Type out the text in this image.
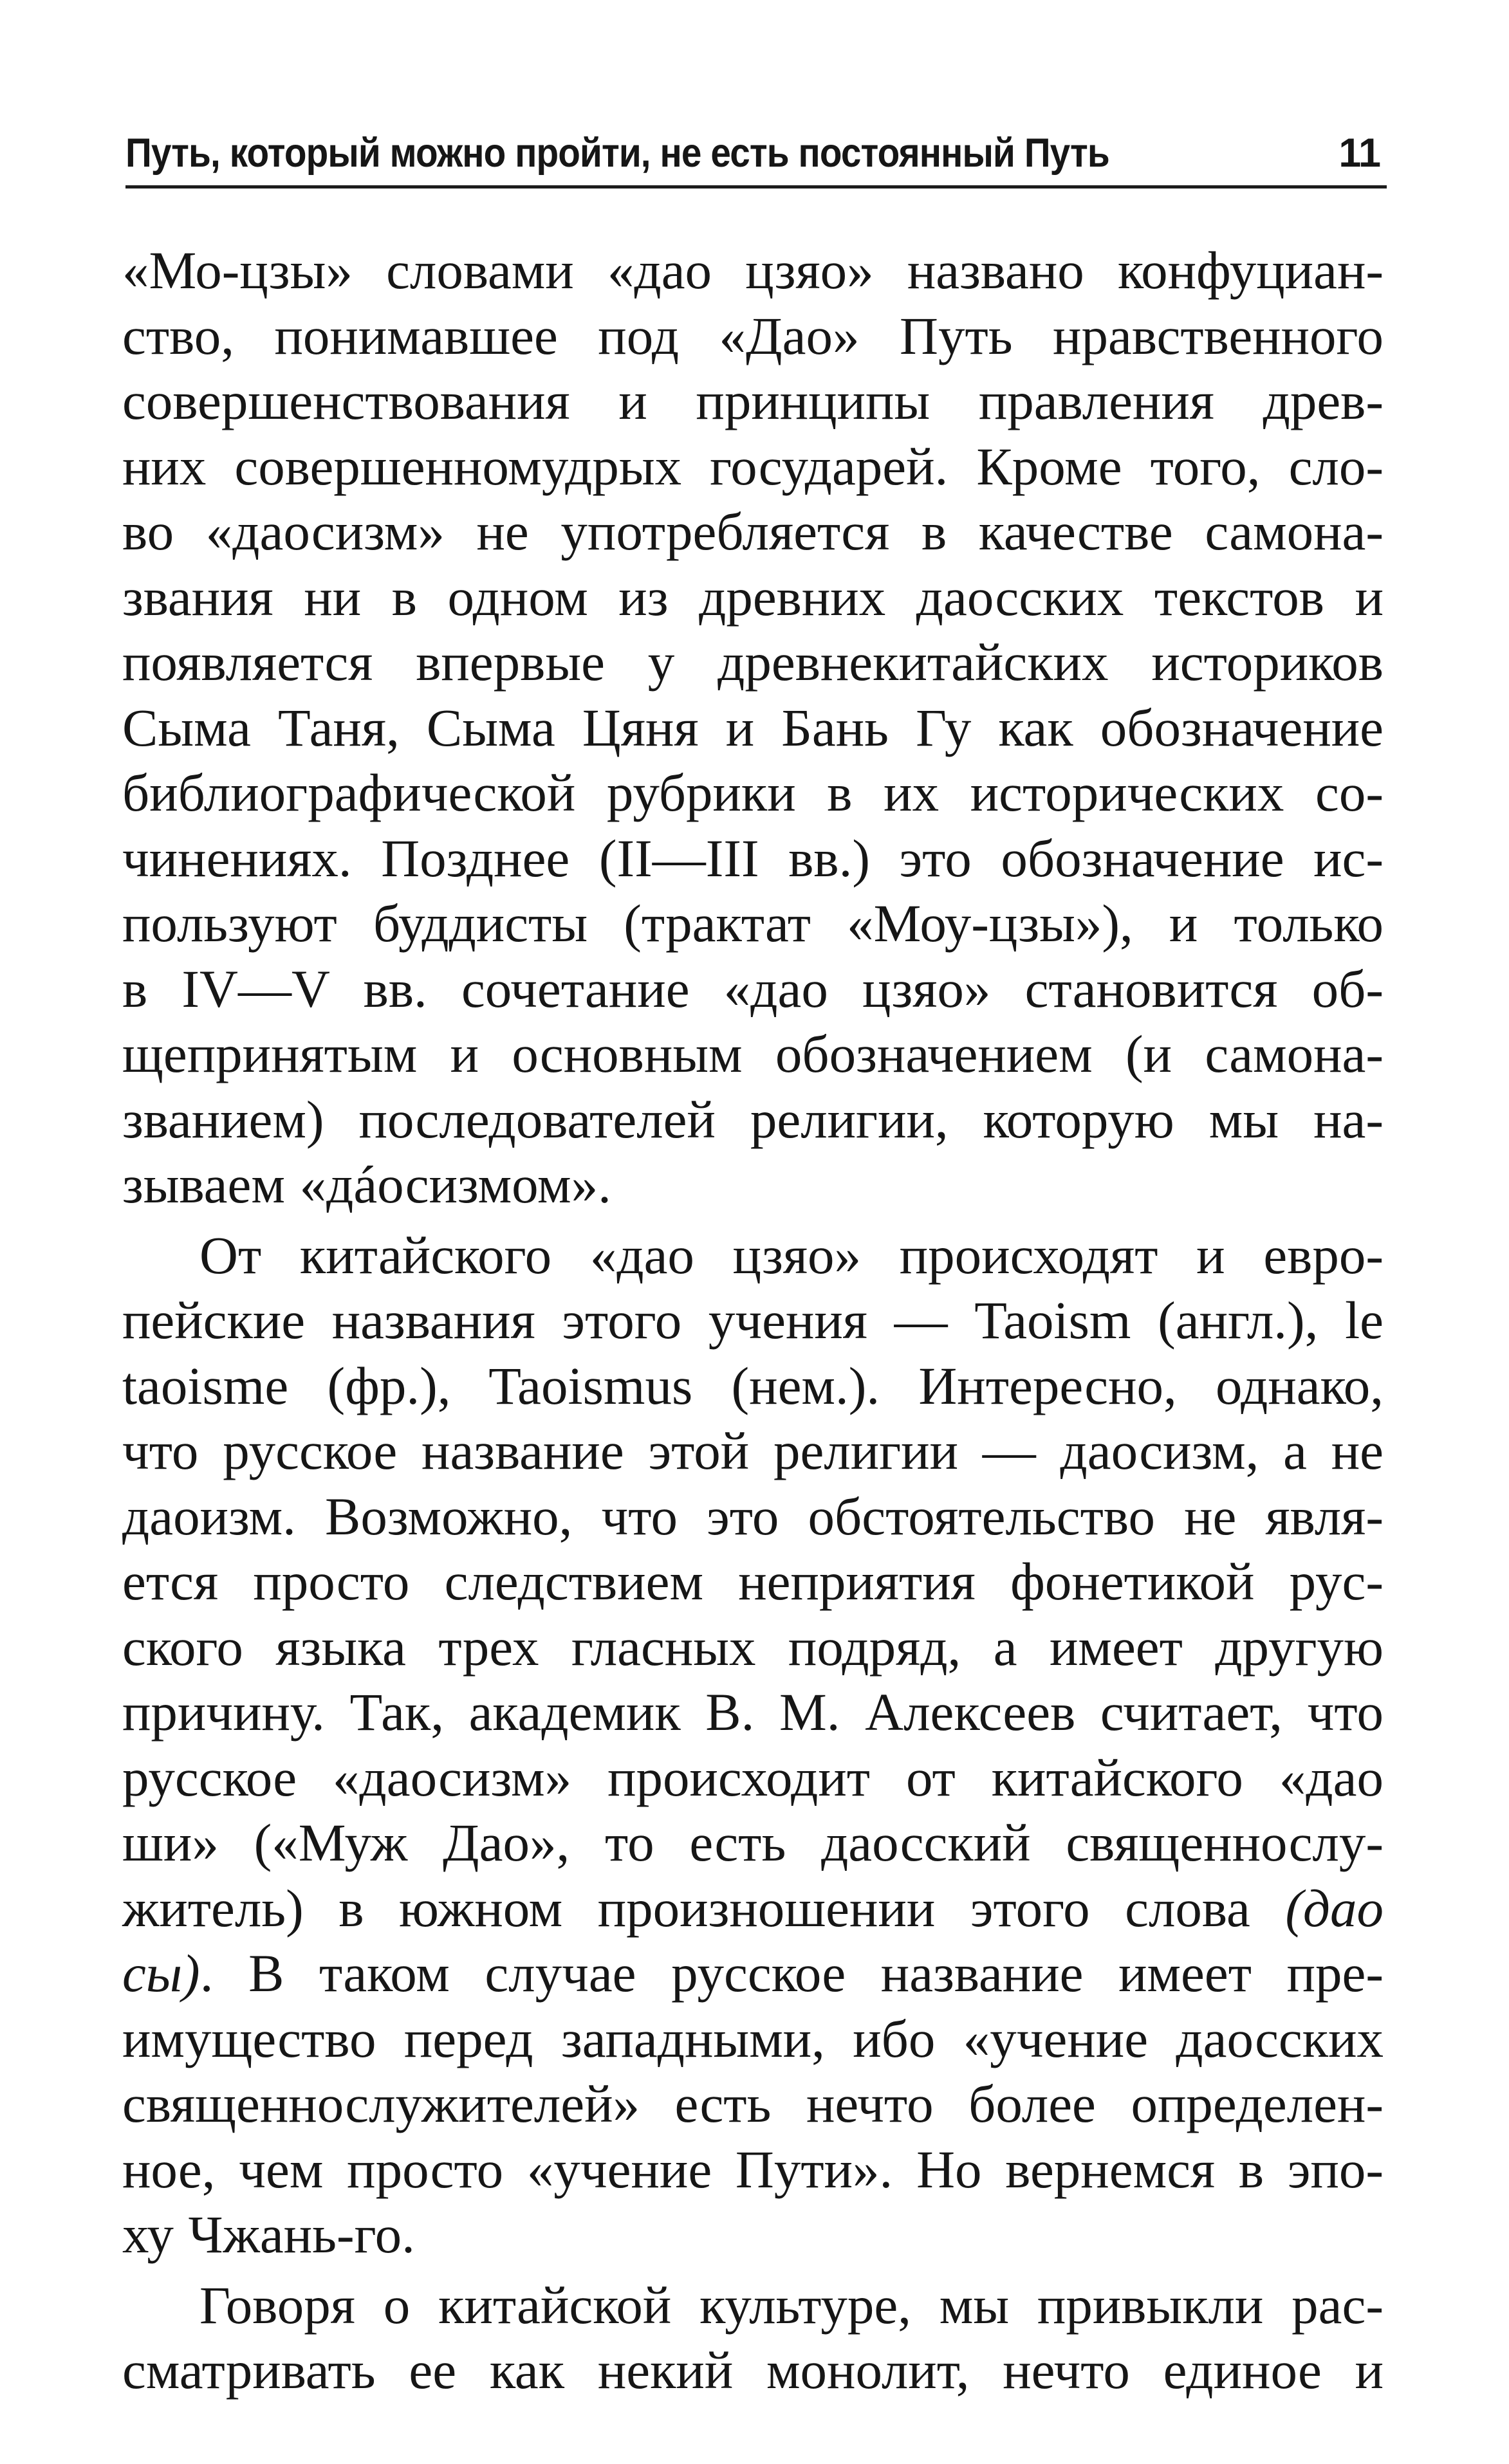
Путь, который можно пройти, не есть постоянный Путь	11
«Мо-цзы» словами «дао цзяо» названо конфуциан-
ство, понимавшее под «Дао» Путь нравственного
совершенствования и принципы правления древ-
них совершенномудрых государей. Кроме того, сло-
во «даосизм» не употребляется в качестве самона-
звания ни в одном из древних даосских текстов и
появляется впервые у древнекитайских историков
Сыма Таня, Сыма Цяня и Бань Гу как обозначение
библиографической рубрики в их исторических со-
чинениях. Позднее (II—III вв.) это обозначение ис-
пользуют буддисты (трактат «Моу-цзы»), и только
в IV—V вв. сочетание «дао цзяо» становится об-
щепринятым и основным обозначением (и самона-
званием) последователей религии, которую мы на-
зываем «дáосизмом».
От китайского «дао цзяо» происходят и евро-
пейские названия этого учения — Taoism (англ.), le
taoisme (фр.), Taoismus (нем.). Интересно, однако,
что русское название этой религии — даосизм, а не
даоизм. Возможно, что это обстоятельство не явля-
ется просто следствием неприятия фонетикой рус-
ского языка трех гласных подряд, а имеет другую
причину. Так, академик В. М. Алексеев считает, что
русское «даосизм» происходит от китайского «дао
ши» («Муж Дао», то есть даосский священнослу-
житель) в южном произношении этого слова (дао
сы). В таком случае русское название имеет пре-
имущество перед западными, ибо «учение даосских
священнослужителей» есть нечто более определен-
ное, чем просто «учение Пути». Но вернемся в эпо-
ху Чжань-го.
Говоря о китайской культуре, мы привыкли рас-
сматривать ее как некий монолит, нечто единое и
